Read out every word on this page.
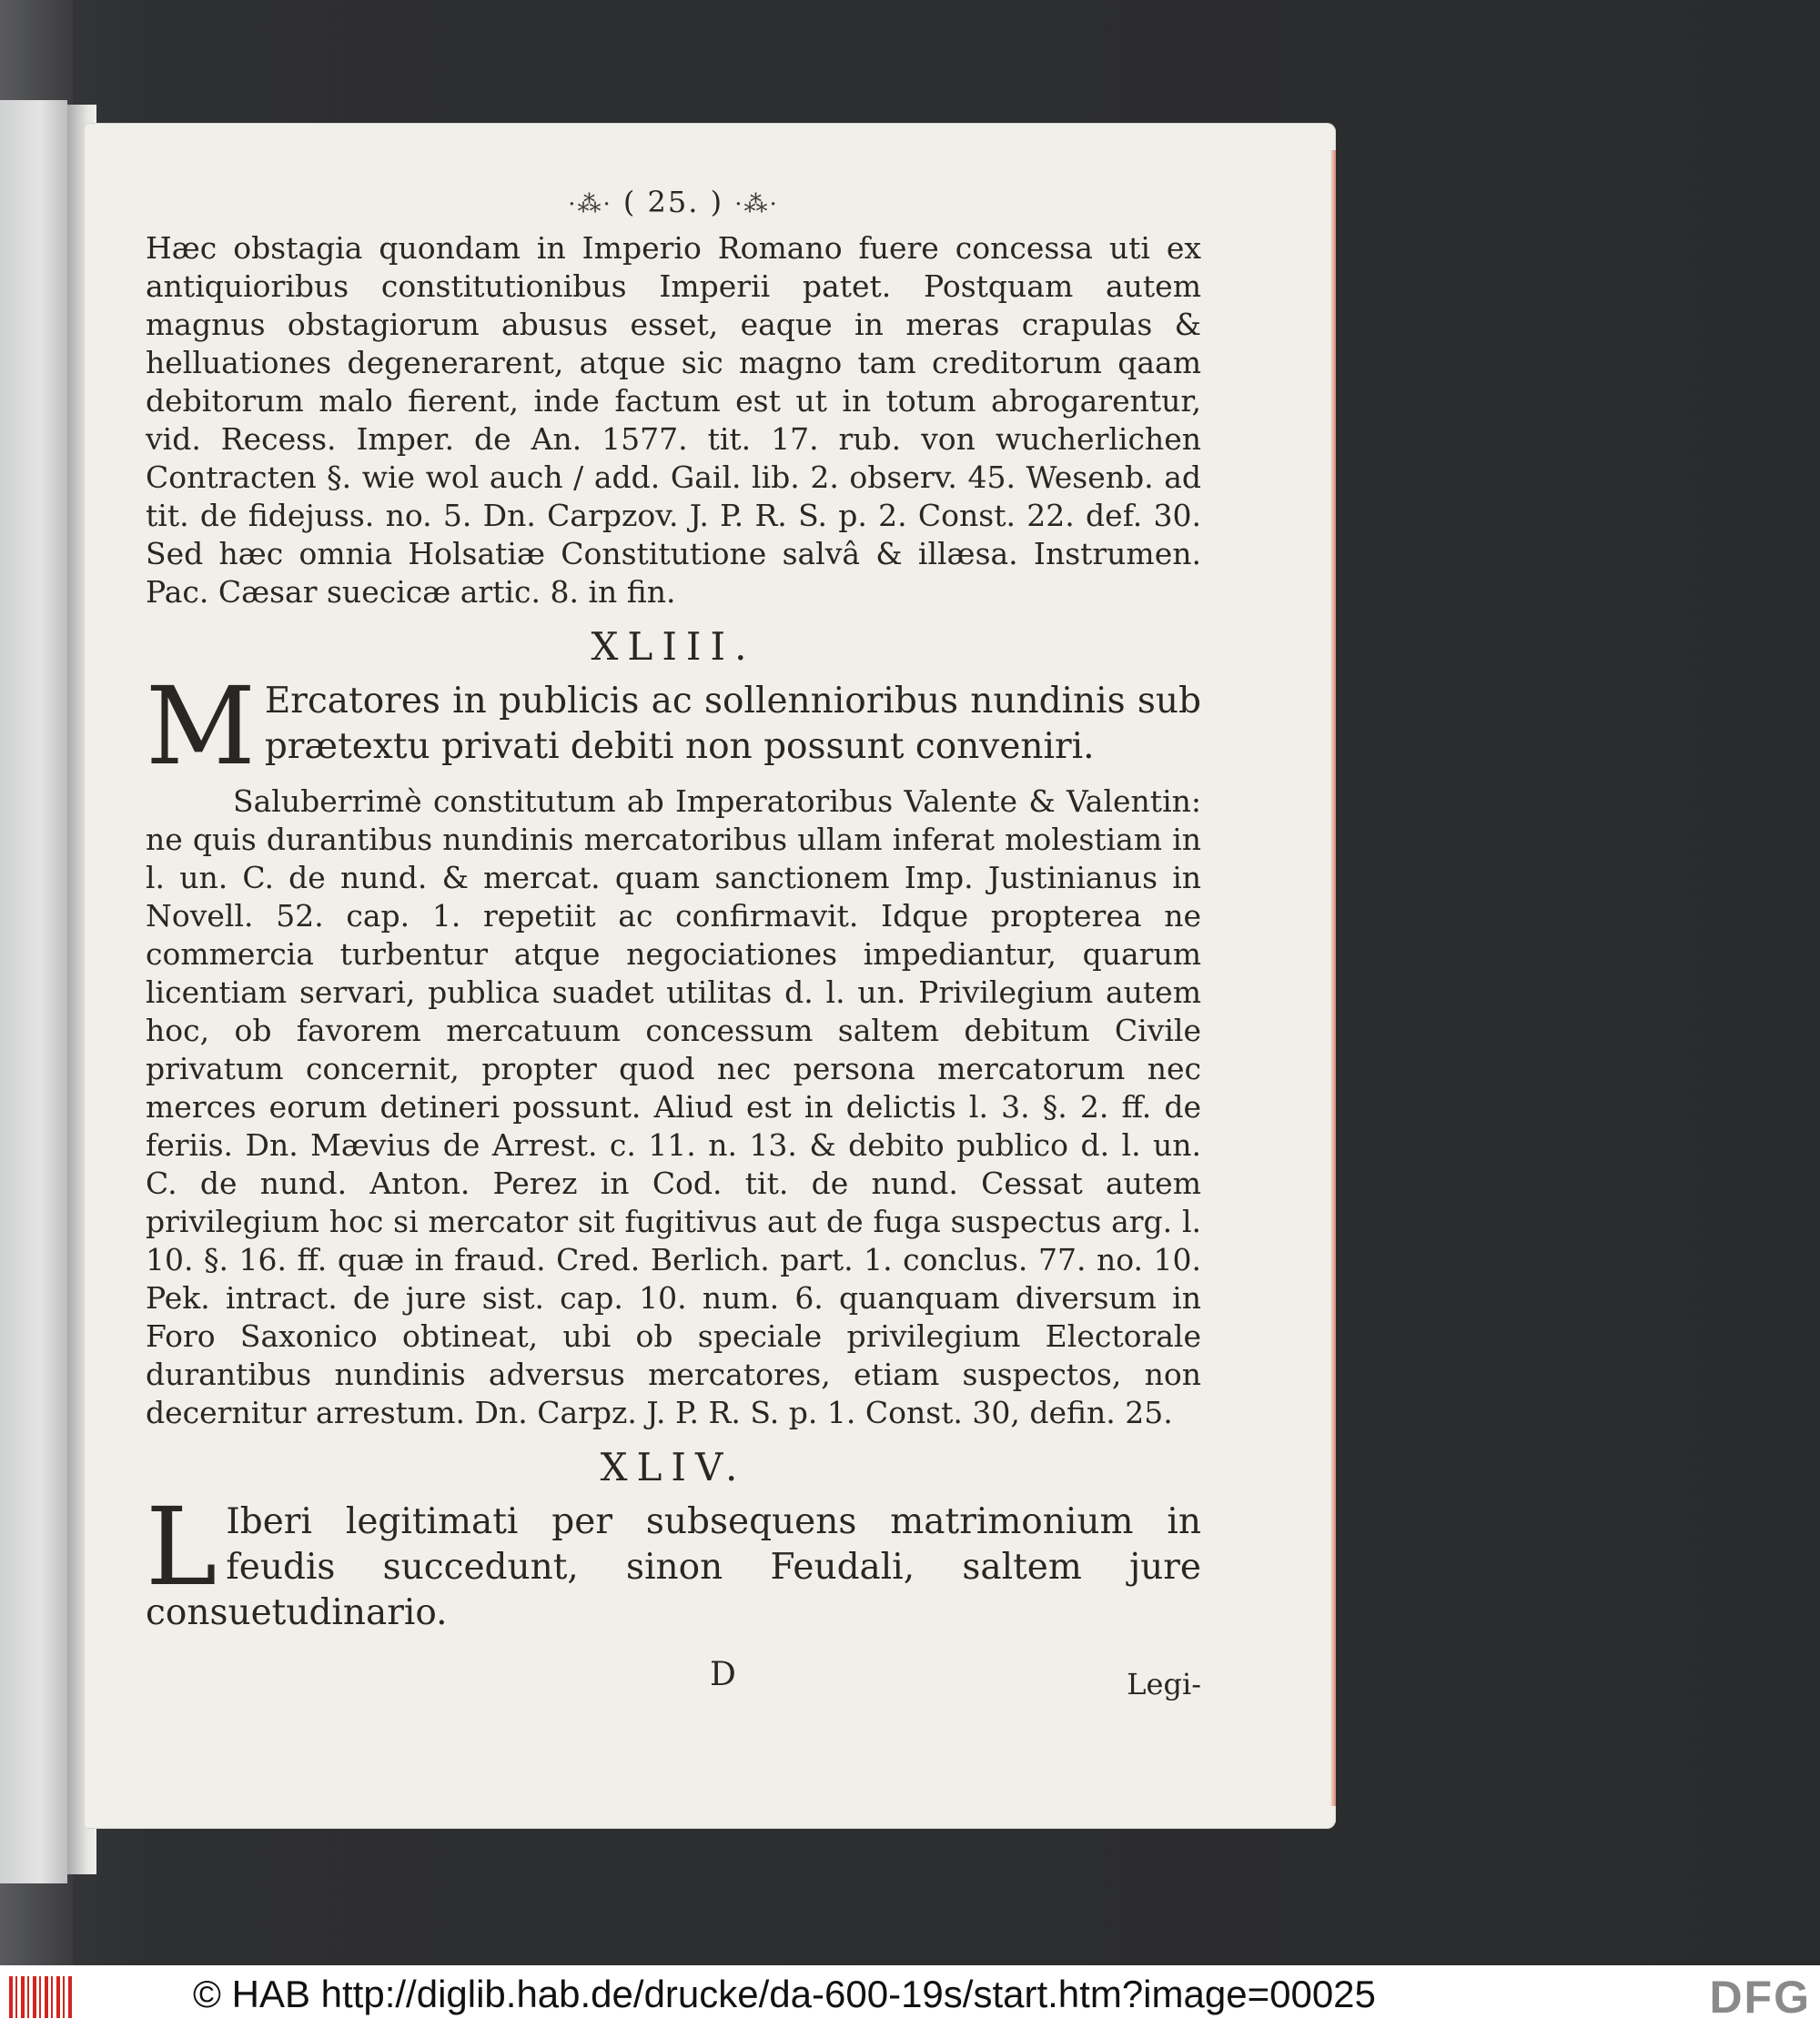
·⁂· ( 25. ) ·⁂·

Hæc obstagia quondam in Imperio Romano fuere concessa uti ex antiquioribus constitutionibus Imperii patet. Postquam autem magnus obstagiorum abusus esset, eaque in meras crapulas & helluationes degenerarent, atque sic magno tam creditorum qaam debitorum malo fierent, inde factum est ut in totum abrogarentur, vid. Recess. Imper. de An. 1577. tit. 17. rub. von wucherlichen Contracten §. wie wol auch / add. Gail. lib. 2. observ. 45. Wesenb. ad tit. de fidejuss. no. 5. Dn. Carpzov. J. P. R. S. p. 2. Const. 22. def. 30. Sed hæc omnia Holsatiæ Constitutione salvâ & illæsa. Instrumen. Pac. Cæsar suecicæ artic. 8. in fin.

XLIII.

M Ercatores in publicis ac sollennioribus nundinis sub prætextu privati debiti non possunt conveniri.

Saluberrimè constitutum ab Imperatoribus Valente & Valentin: ne quis durantibus nundinis mercatoribus ullam inferat molestiam in l. un. C. de nund. & mercat. quam sanctionem Imp. Justinianus in Novell. 52. cap. 1. repetiit ac confirmavit. Idque propterea ne commercia turbentur atque negociationes impediantur, quarum licentiam servari, publica suadet utilitas d. l. un. Privilegium autem hoc, ob favorem mercatuum concessum saltem debitum Civile privatum concernit, propter quod nec persona mercatorum nec merces eorum detineri possunt. Aliud est in delictis l. 3. §. 2. ff. de feriis. Dn. Mævius de Arrest. c. 11. n. 13. & debito publico d. l. un. C. de nund. Anton. Perez in Cod. tit. de nund. Cessat autem privilegium hoc si mercator sit fugitivus aut de fuga suspectus arg. l. 10. §. 16. ff. quæ in fraud. Cred. Berlich. part. 1. conclus. 77. no. 10. Pek. intract. de jure sist. cap. 10. num. 6. quanquam diversum in Foro Saxonico obtineat, ubi ob speciale privilegium Electorale durantibus nundinis adversus mercatores, etiam suspectos, non decernitur arrestum. Dn. Carpz. J. P. R. S. p. 1. Const. 30, defin. 25.

XLIV.

L Iberi legitimati per subsequens matrimonium in feudis succedunt, sinon Feudali, saltem jure consuetudinario.

D	Legi-
© HAB http://diglib.hab.de/drucke/da-600-19s/start.htm?image=00025	DFG
